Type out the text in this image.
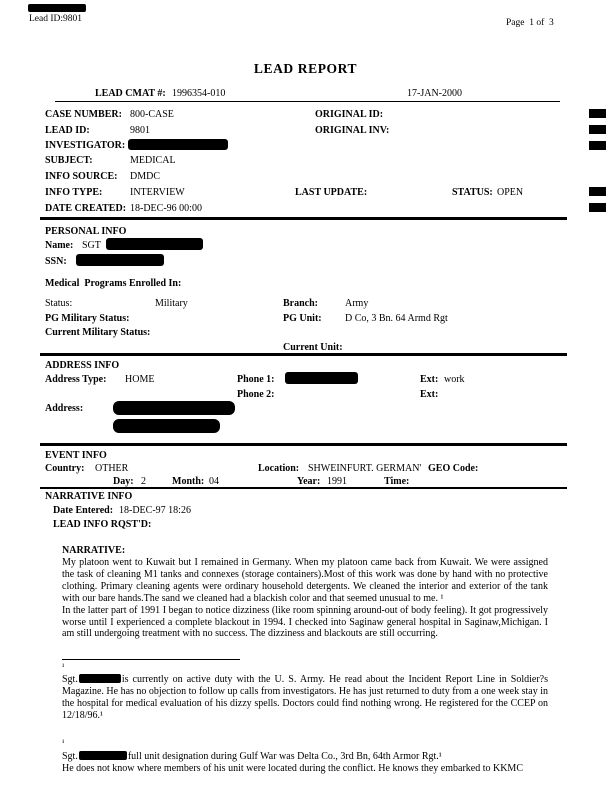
Lead ID:9801	Page  1 of  3
LEAD REPORT
LEAD CMAT #: 1996354-010	17-JAN-2000
CASE NUMBER: 800-CASE	ORIGINAL ID:
LEAD ID:	9801	ORIGINAL INV:
INVESTIGATOR:
SUBJECT:	MEDICAL
INFO SOURCE: DMDC
INFO TYPE:	INTERVIEW	LAST UPDATE:	STATUS: OPEN
DATE CREATED: 18-DEC-96 00:00
PERSONAL INFO
Name: SGT
SSN:
Medical  Programs Enrolled In:
Status:	Military	Branch:	Army
PG Military Status:	PG Unit: D Co, 3 Bn. 64 Armd Rgt
Current Military Status:
Current Unit:
ADDRESS INFO
Address Type: HOME	Phone 1:	Ext: work
Phone 2:	Ext:
Address:
EVENT INFO
Country: OTHER	Location: SHWEINFURT. GERMAN' GEO Code:
Day: 2	Month: 04	Year: 1991	Time:
NARRATIVE INFO
Date Entered: 18-DEC-97 18:26
LEAD INFO RQST'D:
NARRATIVE:

My platoon went to Kuwait but I remained in Germany. When my platoon came back from Kuwait. We were assigned the task of cleaning M1 tanks and connexes (storage containers).Most of this work was done by hand with no protective clothing. Primary cleaning agents were ordinary household detergents. We cleaned the interior and exterior of the tank with our bare hands.The sand we cleaned had a blackish color and that seemed unusual to me. ¹

In the latter part of 1991 I began to notice dizziness (like room spinning around-out of body feeling). It got progressively worse until I experienced a complete blackout in 1994. I checked into Saginaw general hospital in Saginaw,Michigan. I am still undergoing treatment with no success. The dizziness and blackouts are still occurring.

¹
Sgt.	is currently on active duty with the U. S. Army. He read about the Incident Report Line in Soldier?s Magazine. He has no objection to follow up calls from investigators. He has just returned to duty from a one week stay in the hospital for medical evaluation of his dizzy spells. Doctors could find nothing wrong. He registered for the CCEP on 12/18/96.¹
¹
Sgt.	full unit designation during Gulf War was Delta Co., 3rd Bn, 64th Armor Rgt.¹
He does not know where members of his unit were located during the conflict. He knows they embarked to KKMC
